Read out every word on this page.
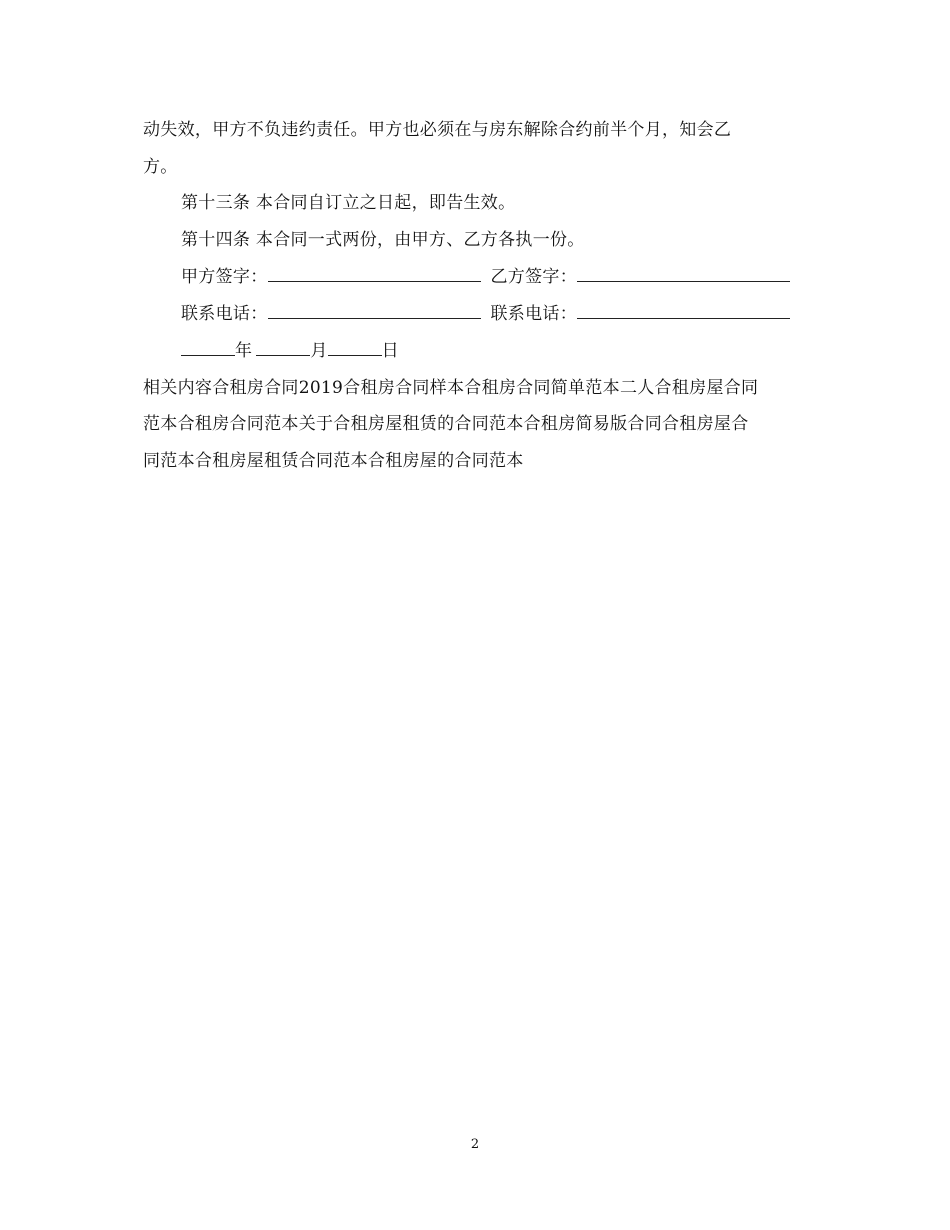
动失效，甲方不负违约责任。甲方也必须在与房东解除合约前半个月，知会乙
方。
第十三条 本合同自订立之日起，即告生效。
第十四条 本合同一式两份，由甲方、乙方各执一份。
甲方签字：	乙方签字：
联系电话：	联系电话：
年	月	日
相关内容合租房合同2019合租房合同样本合租房合同简单范本二人合租房屋合同
范本合租房合同范本关于合租房屋租赁的合同范本合租房简易版合同合租房屋合
同范本合租房屋租赁合同范本合租房屋的合同范本
2
